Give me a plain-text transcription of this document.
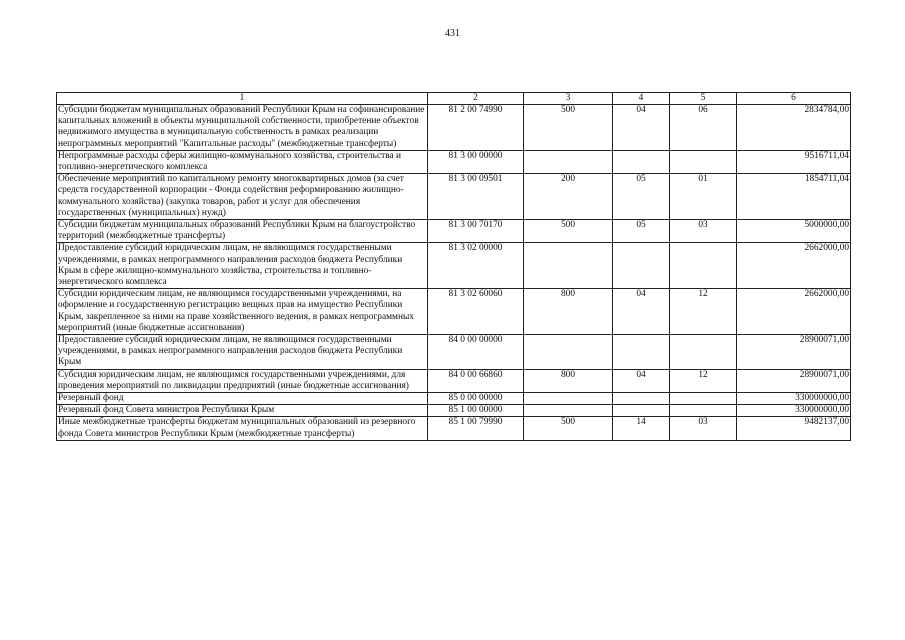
431
1	2	3	4	5	6
Субсидии бюджетам муниципальных образований Республики Крым на софинансирование капитальных вложений в объекты муниципальной собственности, приобретение объектов недвижимого имущества в муниципальную собственность в рамках реализации непрограммных мероприятий "Капитальные расходы" (межбюджетные трансферты)	81 2 00 74990	500	04	06	2834784,00
Непрограммные расходы сферы жилищно-коммунального хозяйства, строительства и топливно-энергетического комплекса	81 3 00 00000				9516711,04
Обеспечение мероприятий по капитальному ремонту многоквартирных домов (за счет средств государственной корпорации - Фонда содействия реформированию жилищно-коммунального хозяйства) (закупка товаров, работ и услуг для обеспечения государственных (муниципальных) нужд)	81 3 00 09501	200	05	01	1854711,04
Субсидии бюджетам муниципальных образований Республики Крым на благоустройство территорий (межбюджетные трансферты)	81 3 00 70170	500	05	03	5000000,00
Предоставление субсидий юридическим лицам, не являющимся государственными учреждениями, в рамках непрограммного направления расходов бюджета Республики Крым в сфере жилищно-коммунального хозяйства, строительства и топливно-энергетического комплекса	81 3 02 00000				2662000,00
Субсидии юридическим лицам, не являющимся государственными учреждениями, на оформление и государственную регистрацию вещных прав на имущество Республики Крым, закрепленное за ними на праве хозяйственного ведения, в рамках непрограммных мероприятий (иные бюджетные ассигнования)	81 3 02 60060	800	04	12	2662000,00
Предоставление субсидий юридическим лицам, не являющимся государственными учреждениями, в рамках непрограммного направления расходов бюджета Республики Крым	84 0 00 00000				28900071,00
Субсидия юридическим лицам, не являющимся государственными учреждениями, для проведения мероприятий по ликвидации предприятий (иные бюджетные ассигнования)	84 0 00 66860	800	04	12	28900071,00
Резервный фонд	85 0 00 00000				330000000,00
Резервный фонд Совета министров Республики Крым	85 1 00 00000				330000000,00
Иные межбюджетные трансферты бюджетам муниципальных образований из резервного фонда Совета министров Республики Крым (межбюджетные трансферты)	85 1 00 79990	500	14	03	9482137,00
